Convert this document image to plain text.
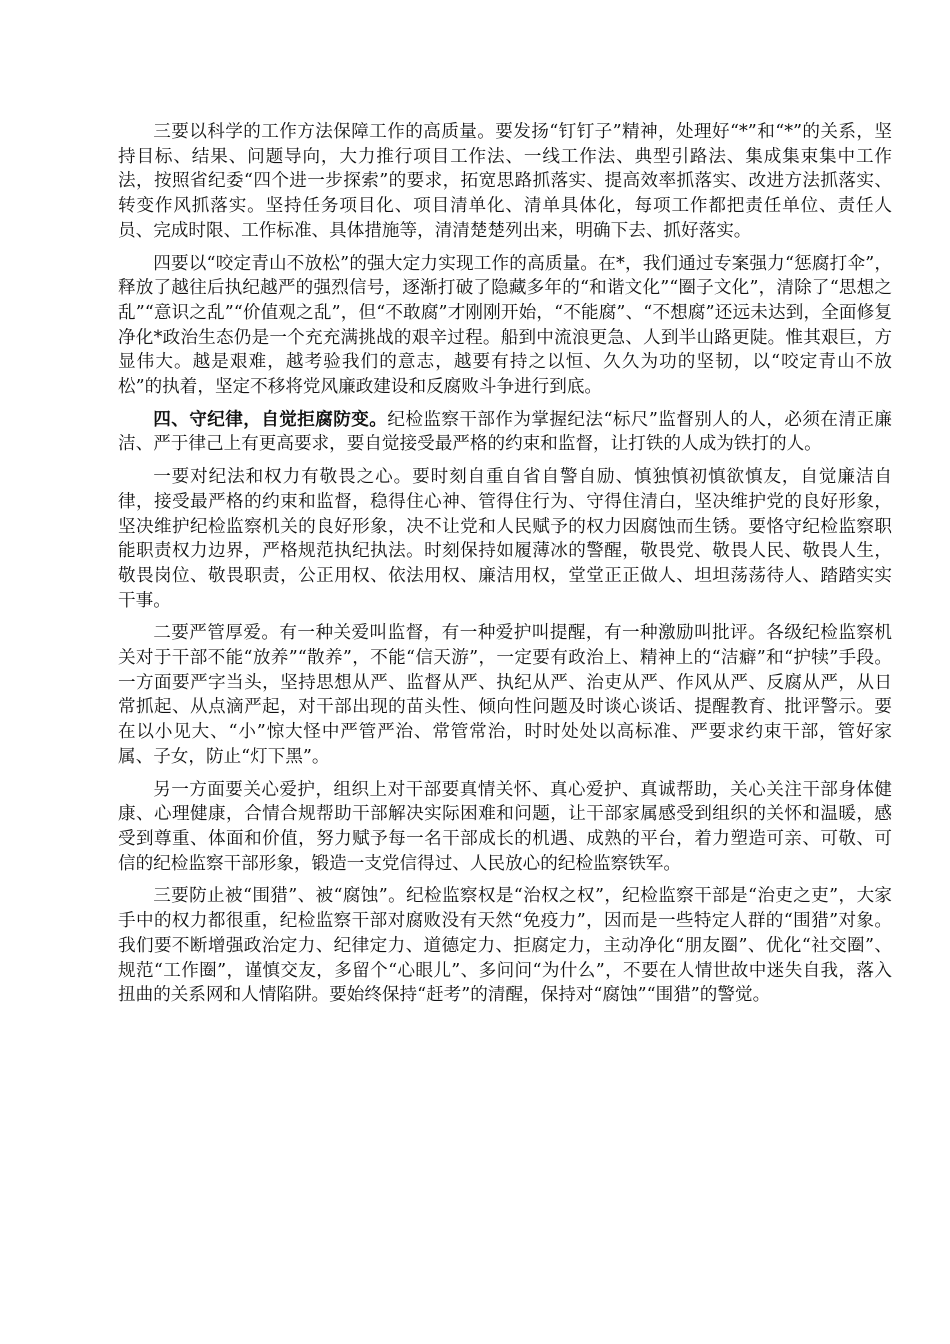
三要以科学的工作方法保障工作的高质量。要发扬“钉钉子”精神，处理好“*”和“*”的关系，坚持目标、结果、问题导向，大力推行项目工作法、一线工作法、典型引路法、集成集束集中工作法，按照省纪委“四个进一步探索”的要求，拓宽思路抓落实、提高效率抓落实、改进方法抓落实、转变作风抓落实。坚持任务项目化、项目清单化、清单具体化，每项工作都把责任单位、责任人员、完成时限、工作标准、具体措施等，清清楚楚列出来，明确下去、抓好落实。

四要以“咬定青山不放松”的强大定力实现工作的高质量。在*，我们通过专案强力“惩腐打伞”，释放了越往后执纪越严的强烈信号，逐渐打破了隐藏多年的“和谐文化”“圈子文化”，清除了“思想之乱”“意识之乱”“价值观之乱”，但“不敢腐”才刚刚开始，“不能腐”、“不想腐”还远未达到，全面修复净化*政治生态仍是一个充充满挑战的艰辛过程。船到中流浪更急、人到半山路更陡。惟其艰巨，方显伟大。越是艰难，越考验我们的意志，越要有持之以恒、久久为功的坚韧，以“咬定青山不放松”的执着，坚定不移将党风廉政建设和反腐败斗争进行到底。

四、守纪律，自觉拒腐防变。纪检监察干部作为掌握纪法“标尺”监督别人的人，必须在清正廉洁、严于律己上有更高要求，要自觉接受最严格的约束和监督，让打铁的人成为铁打的人。

一要对纪法和权力有敬畏之心。要时刻自重自省自警自励、慎独慎初慎欲慎友，自觉廉洁自律，接受最严格的约束和监督，稳得住心神、管得住行为、守得住清白，坚决维护党的良好形象，坚决维护纪检监察机关的良好形象，决不让党和人民赋予的权力因腐蚀而生锈。要恪守纪检监察职能职责权力边界，严格规范执纪执法。时刻保持如履薄冰的警醒，敬畏党、敬畏人民、敬畏人生，敬畏岗位、敬畏职责，公正用权、依法用权、廉洁用权，堂堂正正做人、坦坦荡荡待人、踏踏实实干事。

二要严管厚爱。有一种关爱叫监督，有一种爱护叫提醒，有一种激励叫批评。各级纪检监察机关对于干部不能“放养”“散养”，不能“信天游”，一定要有政治上、精神上的“洁癖”和“护犊”手段。一方面要严字当头，坚持思想从严、监督从严、执纪从严、治吏从严、作风从严、反腐从严，从日常抓起、从点滴严起，对干部出现的苗头性、倾向性问题及时谈心谈话、提醒教育、批评警示。要在以小见大、“小”惊大怪中严管严治、常管常治，时时处处以高标准、严要求约束干部，管好家属、子女，防止“灯下黑”。

另一方面要关心爱护，组织上对干部要真情关怀、真心爱护、真诚帮助，关心关注干部身体健康、心理健康，合情合规帮助干部解决实际困难和问题，让干部家属感受到组织的关怀和温暖，感受到尊重、体面和价值，努力赋予每一名干部成长的机遇、成熟的平台，着力塑造可亲、可敬、可信的纪检监察干部形象，锻造一支党信得过、人民放心的纪检监察铁军。

三要防止被“围猎”、被“腐蚀”。纪检监察权是“治权之权”，纪检监察干部是“治吏之吏”，大家手中的权力都很重，纪检监察干部对腐败没有天然“免疫力”，因而是一些特定人群的“围猎”对象。我们要不断增强政治定力、纪律定力、道德定力、拒腐定力，主动净化“朋友圈”、优化“社交圈”、规范“工作圈”，谨慎交友，多留个“心眼儿”、多问问“为什么”，不要在人情世故中迷失自我，落入扭曲的关系网和人情陷阱。要始终保持“赶考”的清醒，保持对“腐蚀”“围猎”的警觉。
